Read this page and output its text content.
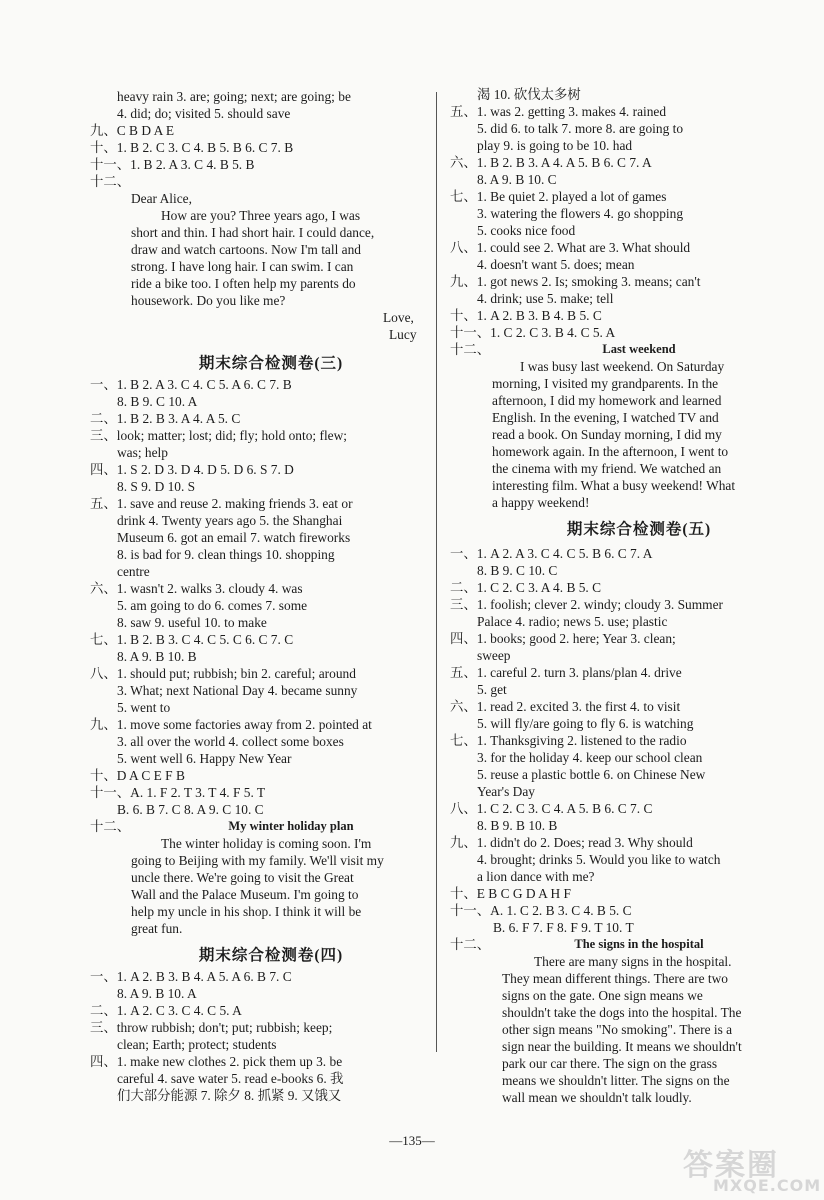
heavy rain 3. are; going; next; are going; be
4. did; do; visited 5. should save
九、C B D A E
十、1. B 2. C 3. C 4. B 5. B 6. C 7. B
十一、1. B 2. A 3. C 4. B 5. B
十二、
Dear Alice,
How are you? Three years ago, I was
short and thin. I had short hair. I could dance,
draw and watch cartoons. Now I'm tall and
strong. I have long hair. I can swim. I can
ride a bike too. I often help my parents do
housework. Do you like me?
Love,
Lucy
一、1. B 2. A 3. C 4. C 5. A 6. C 7. B
8. B 9. C 10. A
二、1. B 2. B 3. A 4. A 5. C
三、look; matter; lost; did; fly; hold onto; flew;
was; help
四、1. S 2. D 3. D 4. D 5. D 6. S 7. D
8. S 9. D 10. S
五、1. save and reuse 2. making friends 3. eat or
drink 4. Twenty years ago 5. the Shanghai
Museum 6. got an email 7. watch fireworks
8. is bad for 9. clean things 10. shopping
centre
六、1. wasn't 2. walks 3. cloudy 4. was
5. am going to do 6. comes 7. some
8. saw 9. useful 10. to make
七、1. B 2. B 3. C 4. C 5. C 6. C 7. C
8. A 9. B 10. B
八、1. should put; rubbish; bin 2. careful; around
3. What; next National Day 4. became sunny
5. went to
九、1. move some factories away from 2. pointed at
3. all over the world 4. collect some boxes
5. went well 6. Happy New Year
十、D A C E F B
十一、A. 1. F 2. T 3. T 4. F 5. T
B. 6. B 7. C 8. A 9. C 10. C
The winter holiday is coming soon. I'm
going to Beijing with my family. We'll visit my
uncle there. We're going to visit the Great
Wall and the Palace Museum. I'm going to
help my uncle in his shop. I think it will be
great fun.
一、1. A 2. B 3. B 4. A 5. A 6. B 7. C
8. A 9. B 10. A
二、1. A 2. C 3. C 4. C 5. A
三、throw rubbish; don't; put; rubbish; keep;
clean; Earth; protect; students
四、1. make new clothes 2. pick them up 3. be
careful 4. save water 5. read e-books 6. 我
们大部分能源 7. 除夕 8. 抓紧 9. 又饿又
期末综合检测卷(三)
期末综合检测卷(四)
十二、	My winter holiday plan
渴 10. 砍伐太多树
五、1. was 2. getting 3. makes 4. rained
5. did 6. to talk 7. more 8. are going to
play 9. is going to be 10. had
六、1. B 2. B 3. A 4. A 5. B 6. C 7. A
8. A 9. B 10. C
七、1. Be quiet 2. played a lot of games
3. watering the flowers 4. go shopping
5. cooks nice food
八、1. could see 2. What are 3. What should
4. doesn't want 5. does; mean
九、1. got news 2. Is; smoking 3. means; can't
4. drink; use 5. make; tell
十、1. A 2. B 3. B 4. B 5. C
十一、1. C 2. C 3. B 4. C 5. A
I was busy last weekend. On Saturday
morning, I visited my grandparents. In the
afternoon, I did my homework and learned
English. In the evening, I watched TV and
read a book. On Sunday morning, I did my
homework again. In the afternoon, I went to
the cinema with my friend. We watched an
interesting film. What a busy weekend! What
a happy weekend!
一、1. A 2. A 3. C 4. C 5. B 6. C 7. A
8. B 9. C 10. C
二、1. C 2. C 3. A 4. B 5. C
三、1. foolish; clever 2. windy; cloudy 3. Summer
Palace 4. radio; news 5. use; plastic
四、1. books; good 2. here; Year 3. clean;
sweep
五、1. careful 2. turn 3. plans/plan 4. drive
5. get
六、1. read 2. excited 3. the first 4. to visit
5. will fly/are going to fly 6. is watching
七、1. Thanksgiving 2. listened to the radio
3. for the holiday 4. keep our school clean
5. reuse a plastic bottle 6. on Chinese New
Year's Day
八、1. C 2. C 3. C 4. A 5. B 6. C 7. C
8. B 9. B 10. B
九、1. didn't do 2. Does; read 3. Why should
4. brought; drinks 5. Would you like to watch
a lion dance with me?
十、E B C G D A H F
十一、A. 1. C 2. B 3. C 4. B 5. C
B. 6. F 7. F 8. F 9. T 10. T
There are many signs in the hospital.
They mean different things. There are two
signs on the gate. One sign means we
shouldn't take the dogs into the hospital. The
other sign means "No smoking". There is a
sign near the building. It means we shouldn't
park our car there. The sign on the grass
means we shouldn't litter. The signs on the
wall mean we shouldn't talk loudly.
期末综合检测卷(五)
十二、	Last weekend
十二、	The signs in the hospital
—135—
答案圈
MXQE.COM
